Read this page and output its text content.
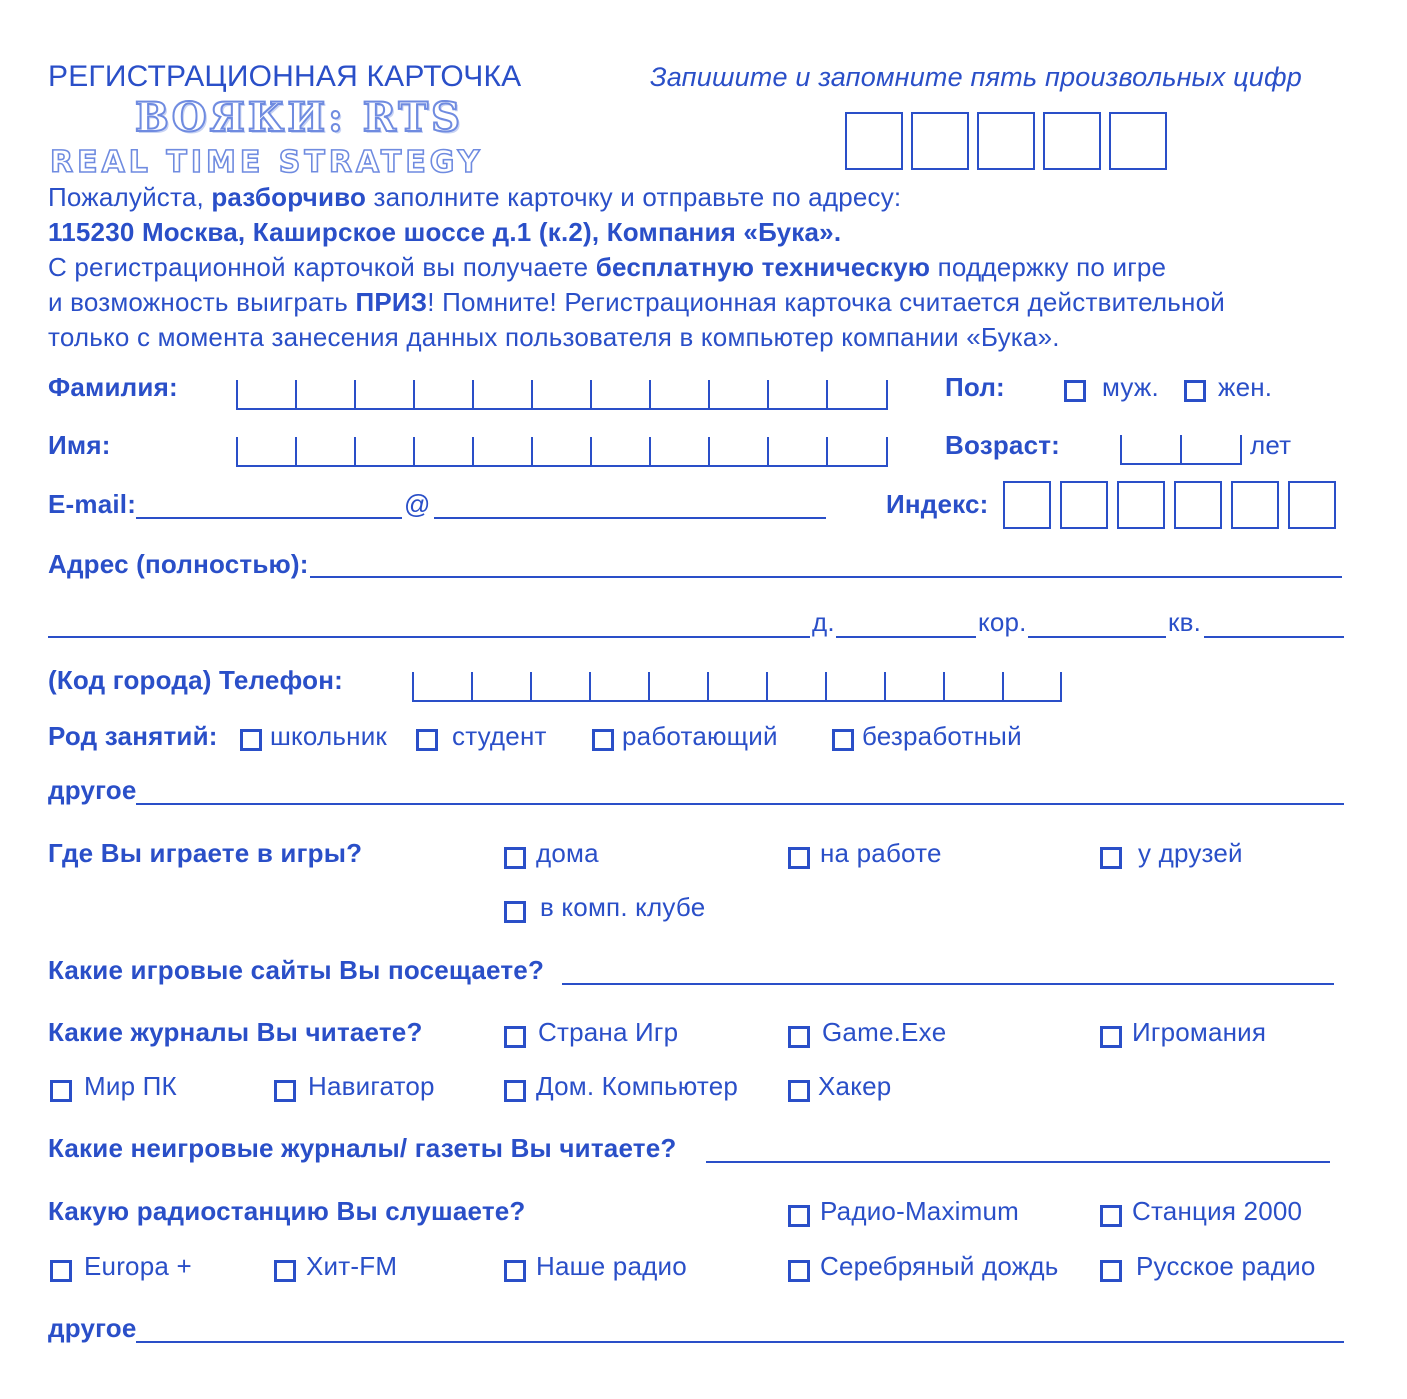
РЕГИСТРАЦИОННАЯ КАРТОЧКА	Запишите и запомните пять произвольных цифр
ВОЯКИ: RTS
REAL TIME STRATEGY
Пожалуйста, разборчиво заполните карточку и отправьте по адресу:
115230 Москва, Каширское шоссе д.1 (к.2), Компания «Бука».
С регистрационной карточкой вы получаете бесплатную техническую поддержку по игре
и возможность выиграть ПРИЗ! Помните! Регистрационная карточка считается действительной
только с момента занесения данных пользователя в компьютер компании «Бука».
Фамилия:	Пол:	муж. жен.
Имя:	Возраст:	лет
E-mail:	@	Индекс:
Адрес (полностью):
д.	кор.	кв.
(Код города) Телефон:
Род занятий: школьник	студент	работающий	безработный
другое
Где Вы играете в игры?	дома	на работе	у друзей
в комп. клубе
Какие игровые сайты Вы посещаете?
Какие журналы Вы читаете?	Страна Игр	Game.Exe	Игромания
Мир ПК	Навигатор	Дом. Компьютер	Хакер
Какие неигровые журналы/ газеты Вы читаете?
Какую радиостанцию Вы слушаете?	Радио-Maximum	Станция 2000
Europa +	Хит-FM	Наше радио	Серебряный дождь	Русское радио
другое
